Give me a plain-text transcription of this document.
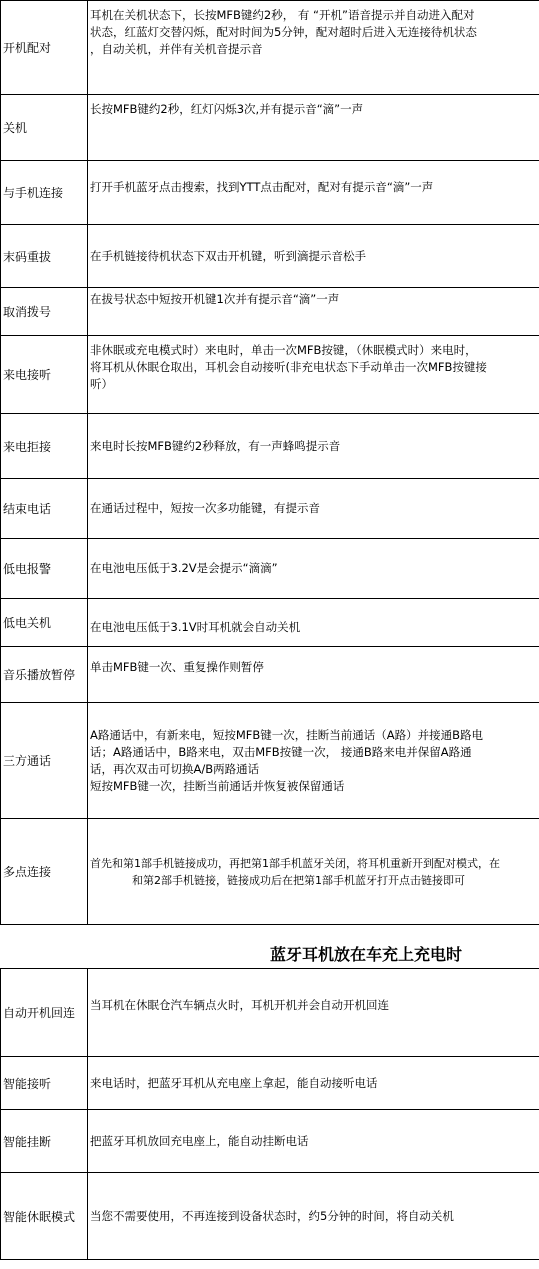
开机配对	耳机在关机状态下，长按MFB键约2秒， 有 “开机”语音提示并自动进入配对
状态，红蓝灯交替闪烁，配对时间为5分钟，配对超时后进入无连接待机状态
，自动关机，并伴有关机音提示音

关机	长按MFB键约2秒，红灯闪烁3次,并有提示音“滴”一声

与手机连接	打开手机蓝牙点击搜索，找到YTT点击配对，配对有提示音“滴”一声

末码重拔	在手机链接待机状态下双击开机键，听到滴提示音松手

取消拨号	在拔号状态中短按开机键1次并有提示音“滴”一声

来电接听	非休眠或充电模式时）来电时，单击一次MFB按键，（休眠模式时）来电时，
将耳机从休眠仓取出，耳机会自动接听(非充电状态下手动单击一次MFB按键接
听）

来电拒接	来电时长按MFB键约2秒释放，有一声蜂鸣提示音

结束电话	在通话过程中，短按一次多功能键，有提示音

低电报警	在电池电压低于3.2V是会提示“滴滴”

低电关机	在电池电压低于3.1V时耳机就会自动关机

音乐播放暂停	单击MFB键一次、重复操作则暂停

三方通话	A路通话中，有新来电，短按MFB键一次，挂断当前通话（A路）并接通B路电
话；A路通话中，B路来电，双击MFB按键一次， 接通B路来电并保留A路通
话，再次双击可切换A/B两路通话
短按MFB键一次，挂断当前通话并恢复被保留通话

多点连接	首先和第1部手机链接成功，再把第1部手机蓝牙关闭，将耳机重新开到配对模式，在
和第2部手机链接，链接成功后在把第1部手机蓝牙打开点击链接即可
蓝牙耳机放在车充上充电时
自动开机回连	当耳机在休眠仓汽车辆点火时，耳机开机并会自动开机回连

智能接听	来电话时，把蓝牙耳机从充电座上拿起，能自动接听电话

智能挂断	把蓝牙耳机放回充电座上，能自动挂断电话

智能休眠模式	当您不需要使用，不再连接到设备状态时，约5分钟的时间，将自动关机
